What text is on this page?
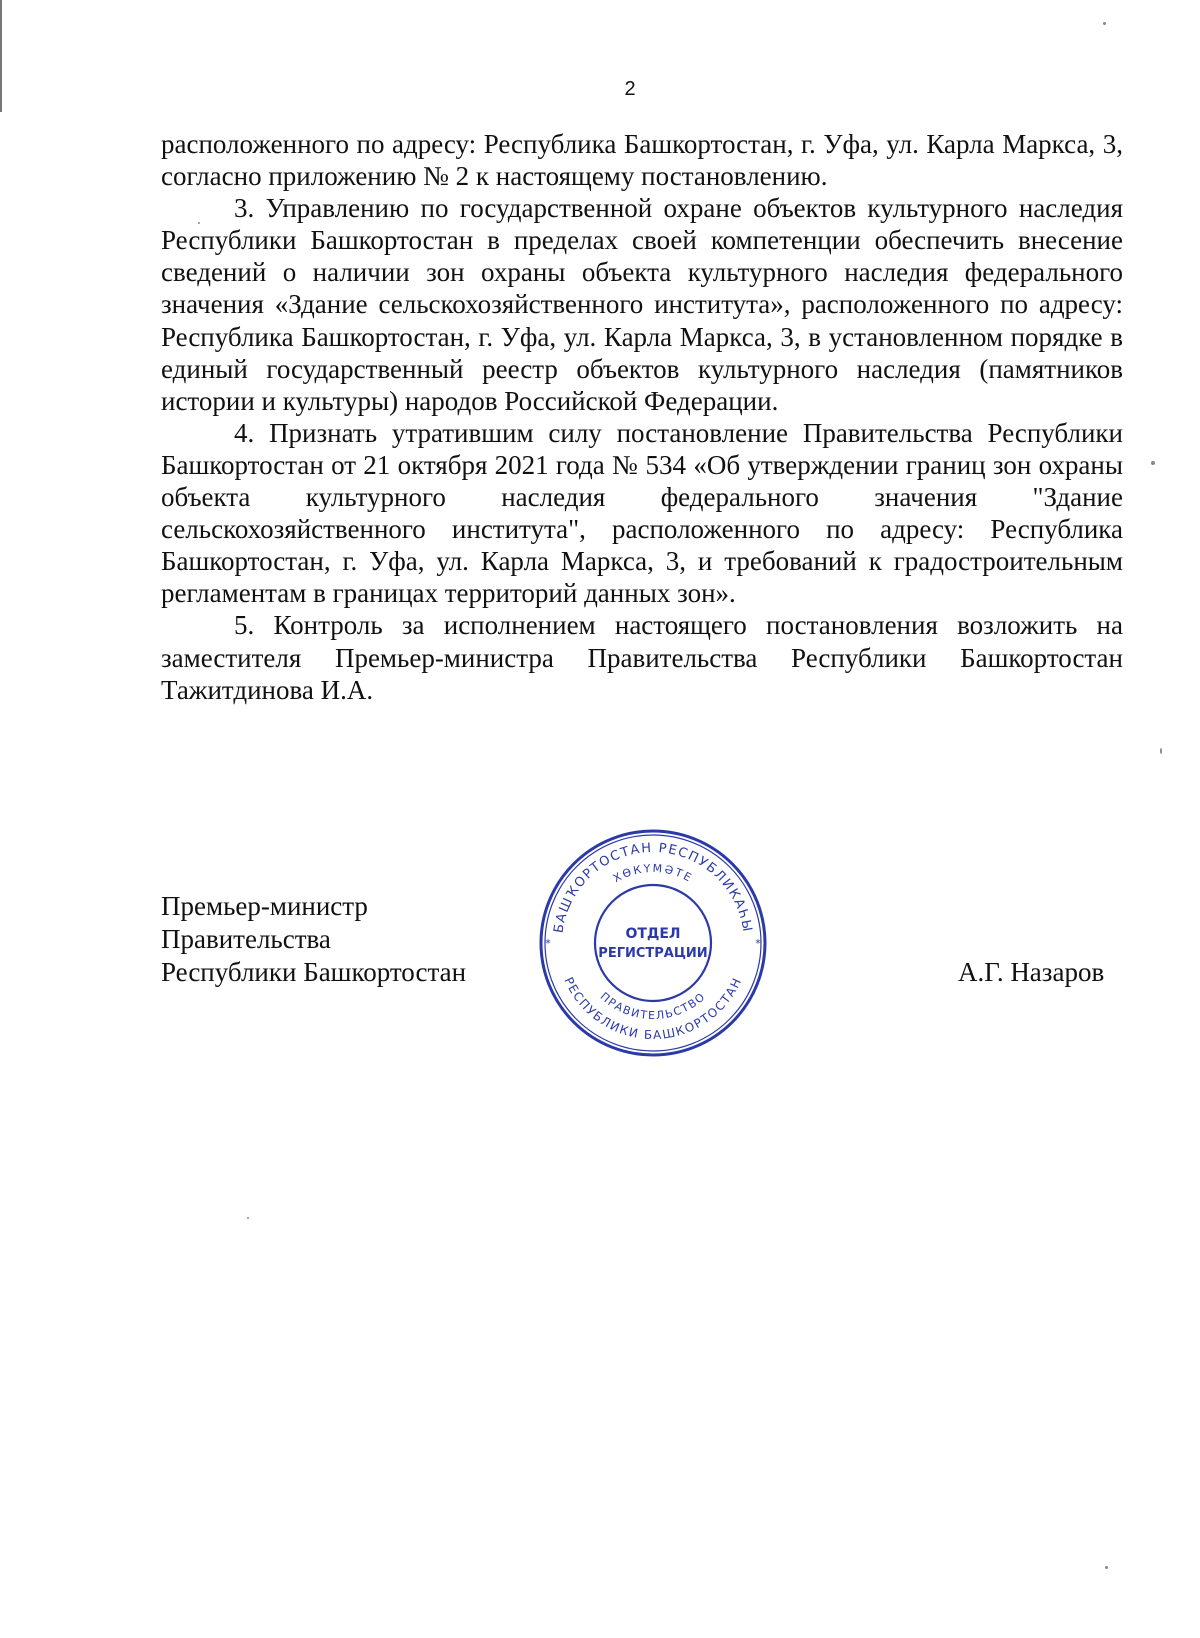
2

расположенного по адресу: Республика Башкортостан, г. Уфа, ул. Карла Маркса, 3, согласно приложению № 2 к настоящему постановлению.

3. Управлению по государственной охране объектов культурного наследия Республики Башкортостан в пределах своей компетенции обеспечить внесение сведений о наличии зон охраны объекта культурного наследия федерального значения «Здание сельскохозяйственного института», расположенного по адресу: Республика Башкортостан, г. Уфа, ул. Карла Маркса, 3, в установленном порядке в единый государственный реестр объектов культурного наследия (памятников истории и культуры) народов Российской Федерации.

4. Признать утратившим силу постановление Правительства Республики Башкортостан от 21 октября 2021 года № 534 «Об утверждении границ зон охраны объекта культурного наследия федерального значения "Здание сельскохозяйственного института", расположенного по адресу: Республика Башкортостан, г. Уфа, ул. Карла Маркса, 3, и требований к градостроительным регламентам в границах территорий данных зон».

5. Контроль за исполнением настоящего постановления возложить на заместителя Премьер-министра Правительства Республики Башкортостан Тажитдинова И.А.

Премьер-министр
Правительства
Республики Башкортостан	А.Г. Назаров
БАШҠОРТОСТАН РЕСПУБЛИКАҺЫ
ХӨКҮМӘТЕ
ПРАВИТЕЛЬСТВО
РЕСПУБЛИКИ БАШКОРТОСТАН
*	*
ОТДЕЛ
РЕГИСТРАЦИИ
